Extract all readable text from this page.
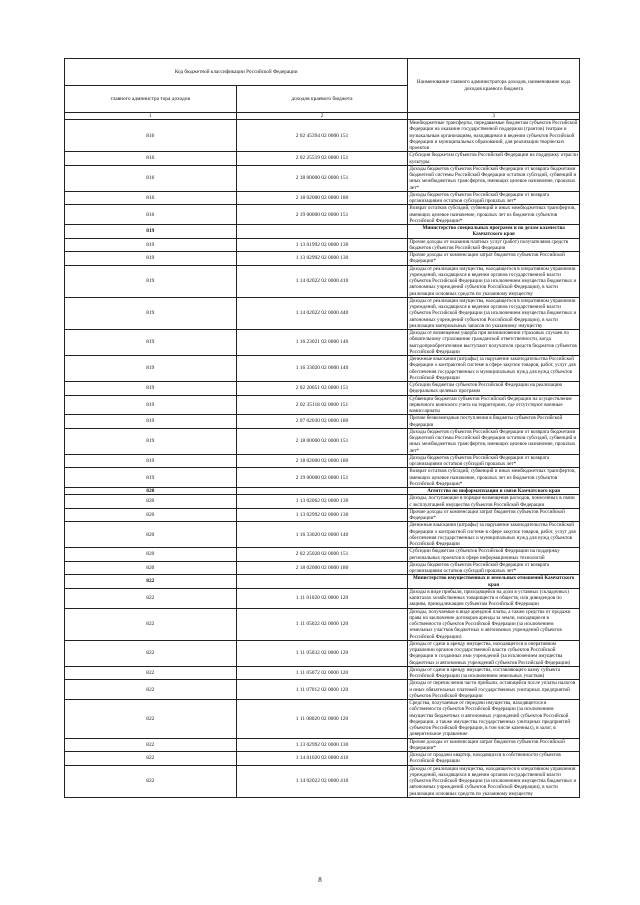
Код бюджетной классификации Российской Федерации		Наименование главного администратора доходов, наименование кода доходов краевого бюджета
главного администра тора доходов	доходов краевого бюджета	
1	2	3
816	2 02 45394 02 0000 151	Межбюджетные трансферты, передаваемые бюджетам субъектов Российской Федерации на оказание государственной поддержки (грантов) театрам и музыкальным организациям, находящимся в ведении субъектов Российской Федерации и муниципальных образований, для реализации творческих проектов
816	2 02 25519 02 0000 151	Субсидия бюджетам субъектов Российской Федерации на поддержку отрасли культуры
816	2 18 00000 02 0000 151	Доходы бюджетов субъектов Российской Федерации от возврата бюджетами бюджетной системы Российской Федерации остатков субсидий, субвенций и иных межбюджетных трансфертов, имеющих целевое назначение, прошлых лет*
816	2 18 02000 02 0000 180	Доходы бюджетов субъектов Российской Федерации от возврата организациями остатков субсидий прошлых лет*
816	2 19 00000 02 0000 151	Возврат остатков субсидий, субвенций и иных межбюджетных трансфертов, имеющих целевое назначение, прошлых лет из бюджетов субъектов Российской Федерации*
819		Министерство специальных программ и по делам казачества Камчатского края
819	1 13 01992 02 0000 130	Прочие доходы от оказания платных услуг (работ) получателями средств бюджетов субъектов Российской Федерации
819	1 13 02992 02 0000 130	Прочие доходы от компенсации затрат бюджетов субъектов Российской Федерации*
819	1 14 02022 02 0000 410	Доходы от реализации имущества, находящегося в оперативном управлении учреждений, находящихся в ведении органов государственной власти субъектов Российской Федерации (за исключением имущества бюджетных и автономных учреждений субъектов Российской Федерации), в части реализации основных средств по указанному имуществу
819	1 14 02022 02 0000 440	Доходы от реализации имущества, находящегося в оперативном управлении учреждений, находящихся в ведении органов государственной власти субъектов Российской Федерации (за исключением имущества бюджетных и автономных учреждений субъектов Российской Федерации), в части реализации материальных запасов по указанному имуществу
819	1 16 23021 02 0000 140	Доходы от возмещения ущерба при возникновении страховых случаев по обязательному страхованию гражданской ответственности, когда выгодоприобретателями выступают получатели средств бюджетов субъектов Российской Федерации
819	1 16 33020 02 0000 140	Денежные взыскания (штрафы) за нарушение законодательства Российской Федерации о контрактной системе в сфере закупок товаров, работ, услуг для обеспечения государственных и муниципальных нужд для нужд субъектов Российской Федерации
819	2 02 20051 02 0000 151	Субсидии бюджетам субъектов Российской Федерации на реализацию федеральных целевых программ
819	2 02 35118 02 0000 151	Субвенции бюджетам субъектов Российской Федерации на осуществление первичного воинского учета на территориях, где отсутствуют военные комиссариаты
819	2 07 02030 02 0000 180	Прочие безвозмездные поступления в бюджеты субъектов Российской Федерации
819	2 18 00000 02 0000 151	Доходы бюджетов субъектов Российской Федерации от возврата бюджетами бюджетной системы Российской Федерации остатков субсидий, субвенций и иных межбюджетных трансфертов, имеющих целевое назначение, прошлых лет*
819	2 18 02000 02 0000 180	Доходы бюджетов субъектов Российской Федерации от возврата организациями остатков субсидий прошлых лет*
819	2 19 00000 02 0000 151	Возврат остатков субсидий, субвенций и иных межбюджетных трансфертов, имеющих целевое назначение, прошлых лет из бюджетов субъектов Российской Федерации*
820		Агентство по информатизации и связи Камчатского края
820	1 13 02062 02 0000 130	Доходы, поступающие в порядке возмещения расходов, понесенных в связи с эксплуатацией имущества субъектов Российской Федерации
820	1 13 02992 02 0000 130	Прочие доходы от компенсации затрат бюджетов субъектов Российской Федерации*
820	1 16 33020 02 0000 140	Денежные взыскания (штрафы) за нарушение законодательства Российской Федерации о контрактной системе в сфере закупок товаров, работ, услуг для обеспечения государственных и муниципальных нужд для нужд субъектов Российской Федерации
820	2 02 25028 02 0000 151	Субсидии бюджетам субъектов Российской Федерации на поддержку региональных проектов в сфере информационных технологий
820	2 18 02000 02 0000 180	Доходы бюджетов субъектов Российской Федерации от возврата организациями остатков субсидий прошлых лет*
822		Министерство имущественных и земельных отношений Камчатского края
822	1 11 01020 02 0000 120	Доходы в виде прибыли, приходящейся на доли в уставных (складочных) капиталах хозяйственных товариществ и обществ, или дивидендов по акциям, принадлежащим субъектам Российской Федерации
822	1 11 05022 02 0000 120	Доходы, получаемые в виде арендной платы, а также средства от продажи права на заключение договоров аренды за земли, находящиеся в собственности субъектов Российской Федерации (за исключением земельных участков бюджетных и автономных учреждений субъектов Российской Федерации)
822	1 11 05032 02 0000 120	Доходы от сдачи в аренду имущества, находящегося в оперативном управлении органов государственной власти субъектов Российской Федерации и созданных ими учреждений (за исключением имущества бюджетных и автономных учреждений субъектов Российской Федерации)
822	1 11 05072 02 0000 120	Доходы от сдачи в аренду имущества, составляющего казну субъекта Российской Федерации (за исключением земельных участков)
822	1 11 07012 02 0000 120	Доходы от перечисления части прибыли, остающейся после уплаты налогов и иных обязательных платежей государственных унитарных предприятий субъектов Российской Федерации
822	1 11 08020 02 0000 120	Средства, получаемые от передачи имущества, находящегося в собственности субъектов Российской Федерации (за исключением имущества бюджетных и автономных учреждений субъектов Российской Федерации, а также имущества государственных унитарных предприятий субъектов Российской Федерации, в том числе казенных), в залог, в доверительное управление
822	1 13 02992 02 0000 130	Прочие доходы от компенсации затрат бюджетов субъектов Российской Федерации*
822	1 14 01020 02 0000 410	Доходы от продажи квартир, находящихся в собственности субъектов Российской Федерации
822	1 14 02022 02 0000 410	Доходы от реализации имущества, находящегося в оперативном управлении учреждений, находящихся в ведении органов государственной власти субъектов Российской Федерации (за исключением имущества бюджетных и автономных учреждений субъектов Российской Федерации), в части реализации основных средств по указанному имуществу
8
